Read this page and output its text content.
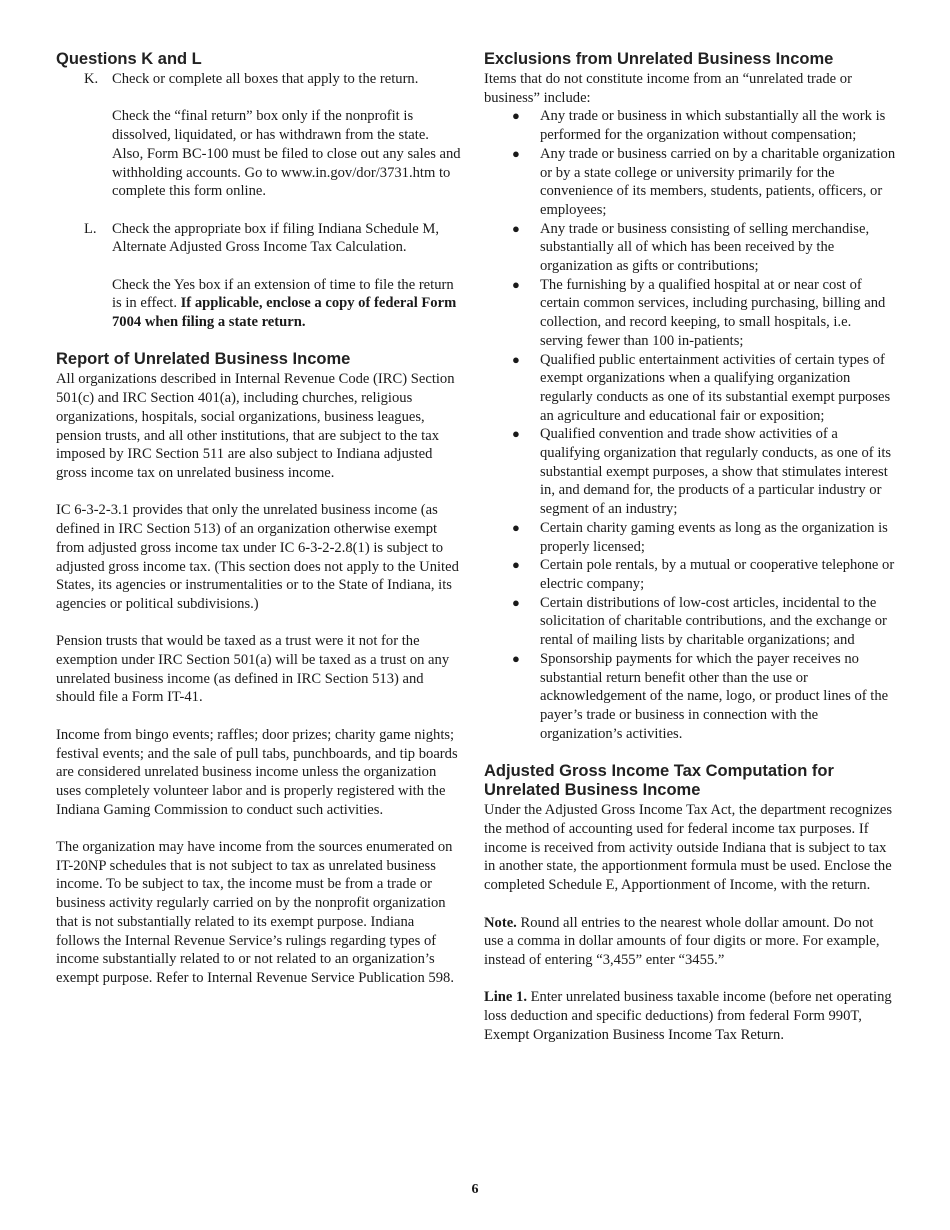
Questions K and L
K. Check or complete all boxes that apply to the return.

Check the “final return” box only if the nonprofit is dissolved, liquidated, or has withdrawn from the state. Also, Form BC-100 must be filed to close out any sales and withholding accounts. Go to www.in.gov/dor/3731.htm to complete this form online.

L.	Check the appropriate box if filing Indiana Schedule M, Alternate Adjusted Gross Income Tax Calculation.

Check the Yes box if an extension of time to file the return is in effect. If applicable, enclose a copy of federal Form 7004 when filing a state return.

Report of Unrelated Business Income

All organizations described in Internal Revenue Code (IRC) Section 501(c) and IRC Section 401(a), including churches, religious organizations, hospitals, social organizations, business leagues, pension trusts, and all other institutions, that are subject to the tax imposed by IRC Section 511 are also subject to Indiana adjusted gross income tax on unrelated business income.

IC 6-3-2-3.1 provides that only the unrelated business income (as defined in IRC Section 513) of an organization otherwise exempt from adjusted gross income tax under IC 6-3-2-2.8(1) is subject to adjusted gross income tax. (This section does not apply to the United States, its agencies or instrumentalities or to the State of Indiana, its agencies or political subdivisions.)

Pension trusts that would be taxed as a trust were it not for the exemption under IRC Section 501(a) will be taxed as a trust on any unrelated business income (as defined in IRC Section 513) and should file a Form IT-41.

Income from bingo events; raffles; door prizes; charity game nights; festival events; and the sale of pull tabs, punchboards, and tip boards are considered unrelated business income unless the organization uses completely volunteer labor and is properly registered with the Indiana Gaming Commission to conduct such activities.

The organization may have income from the sources enumerated on IT-20NP schedules that is not subject to tax as unrelated business income. To be subject to tax, the income must be from a trade or business activity regularly carried on by the nonprofit organization that is not substantially related to its exempt purpose. Indiana follows the Internal Revenue Service’s rulings regarding types of income substantially related to or not related to an organization’s exempt purpose. Refer to Internal Revenue Service Publication 598.

Exclusions from Unrelated Business Income

Items that do not constitute income from an “unrelated trade or business” include:

●	Any trade or business in which substantially all the work is performed for the organization without compensation;
●	Any trade or business carried on by a charitable organization or by a state college or university primarily for the convenience of its members, students, patients, officers, or employees;
●	Any trade or business consisting of selling merchandise, substantially all of which has been received by the organization as gifts or contributions;
●	The furnishing by a qualified hospital at or near cost of certain common services, including purchasing, billing and collection, and record keeping, to small hospitals, i.e. serving fewer than 100 in-patients;
●	Qualified public entertainment activities of certain types of exempt organizations when a qualifying organization regularly conducts as one of its substantial exempt purposes an agriculture and educational fair or exposition;
●	Qualified convention and trade show activities of a qualifying organization that regularly conducts, as one of its substantial exempt purposes, a show that stimulates interest in, and demand for, the products of a particular industry or segment of an industry;
●	Certain charity gaming events as long as the organization is properly licensed;
●	Certain pole rentals, by a mutual or cooperative telephone or electric company;
●	Certain distributions of low-cost articles, incidental to the solicitation of charitable contributions, and the exchange or rental of mailing lists by charitable organizations; and
●	Sponsorship payments for which the payer receives no substantial return benefit other than the use or acknowledgement of the name, logo, or product lines of the payer’s trade or business in connection with the organization’s activities.
Adjusted Gross Income Tax Computation for Unrelated Business Income

Under the Adjusted Gross Income Tax Act, the department recognizes the method of accounting used for federal income tax purposes. If income is received from activity outside Indiana that is subject to tax in another state, the apportionment formula must be used. Enclose the completed Schedule E, Apportionment of Income, with the return.

Note. Round all entries to the nearest whole dollar amount. Do not use a comma in dollar amounts of four digits or more. For example, instead of entering “3,455” enter “3455.”

Line 1. Enter unrelated business taxable income (before net operating loss deduction and specific deductions) from federal Form 990T, Exempt Organization Business Income Tax Return.

6
